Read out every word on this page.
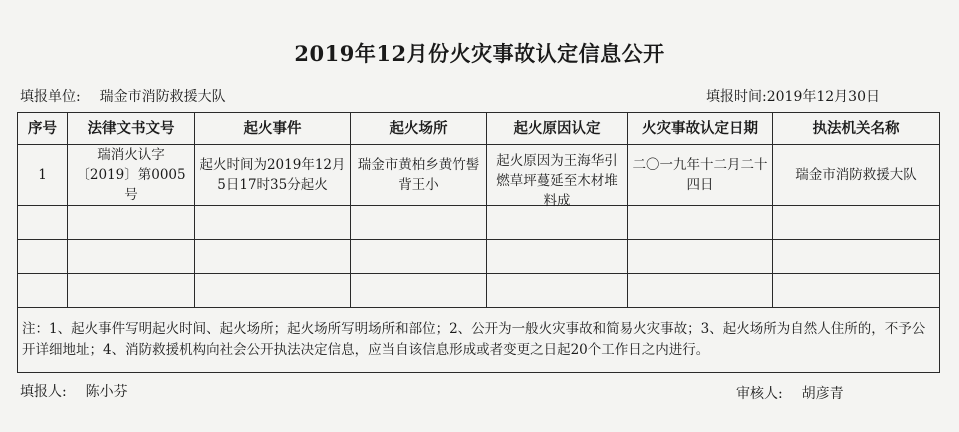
2019年12月份火灾事故认定信息公开
填报单位: 瑞金市消防救援大队	填报时间:2019年12月30日
序号	法律文书文号	起火事件	起火场所	起火原因认定	火灾事故认定日期	执法机关名称
1	瑞消火认字〔2019〕第0005号	起火时间为2019年12月5日17时35分起火	瑞金市黄柏乡黄竹髻背王小	起火原因为王海华引燃草坪蔓延至木材堆料成	二〇一九年十二月二十四日	瑞金市消防救援大队

注：1、起火事件写明起火时间、起火场所；起火场所写明场所和部位；2、公开为一般火灾事故和简易火灾事故；3、起火场所为自然人住所的，不予公开详细地址；4、消防救援机构向社会公开执法决定信息，应当自该信息形成或者变更之日起20个工作日之内进行。						
填报人: 陈小芬	审核人: 胡彦青
